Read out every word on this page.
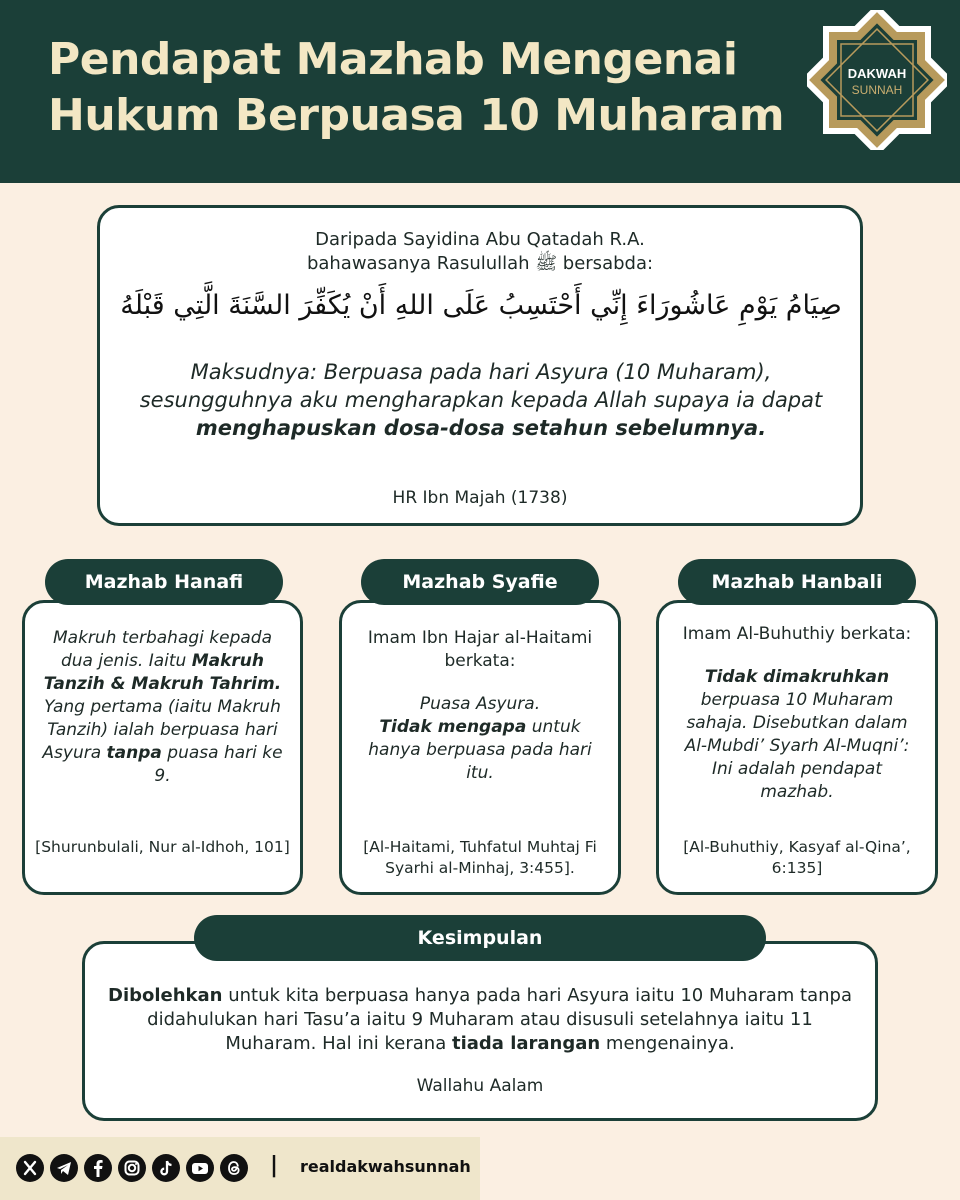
Pendapat Mazhab Mengenai
Hukum Berpuasa 10 Muharam
DAKWAH
SUNNAH
Daripada Sayidina Abu Qatadah R.A.
bahawasanya Rasulullah ﷺ bersabda:
صِيَامُ يَوْمِ عَاشُورَاءَ إِنِّي أَحْتَسِبُ عَلَى اللهِ أَنْ يُكَفِّرَ السَّنَةَ الَّتِي قَبْلَهُ
Maksudnya: Berpuasa pada hari Asyura (10 Muharam), sesungguhnya aku mengharapkan kepada Allah supaya ia dapat menghapuskan dosa-dosa setahun sebelumnya.
HR Ibn Majah (1738)
Makruh terbahagi kepada dua jenis. Iaitu Makruh Tanzih & Makruh Tahrim. Yang pertama (iaitu Makruh Tanzih) ialah berpuasa hari Asyura tanpa puasa hari ke 9.
[Shurunbulali, Nur al-Idhoh, 101]
Mazhab Hanafi
Imam Ibn Hajar al-Haitami berkata:
Puasa Asyura.
Tidak mengapa untuk hanya berpuasa pada hari itu.
[Al-Haitami, Tuhfatul Muhtaj Fi Syarhi al-Minhaj, 3:455].
Mazhab Syafie
Imam Al-Buhuthiy berkata:
Tidak dimakruhkan berpuasa 10 Muharam sahaja. Disebutkan dalam Al-Mubdi’ Syarh Al-Muqni’: Ini adalah pendapat mazhab.
[Al-Buhuthiy, Kasyaf al-Qina’, 6:135]
Mazhab Hanbali
Dibolehkan untuk kita berpuasa hanya pada hari Asyura iaitu 10 Muharam tanpa didahulukan hari Tasu’a iaitu 9 Muharam atau disusuli setelahnya iaitu 11 Muharam. Hal ini kerana tiada larangan mengenainya.
Wallahu Aalam
Kesimpulan
| realdakwahsunnah
